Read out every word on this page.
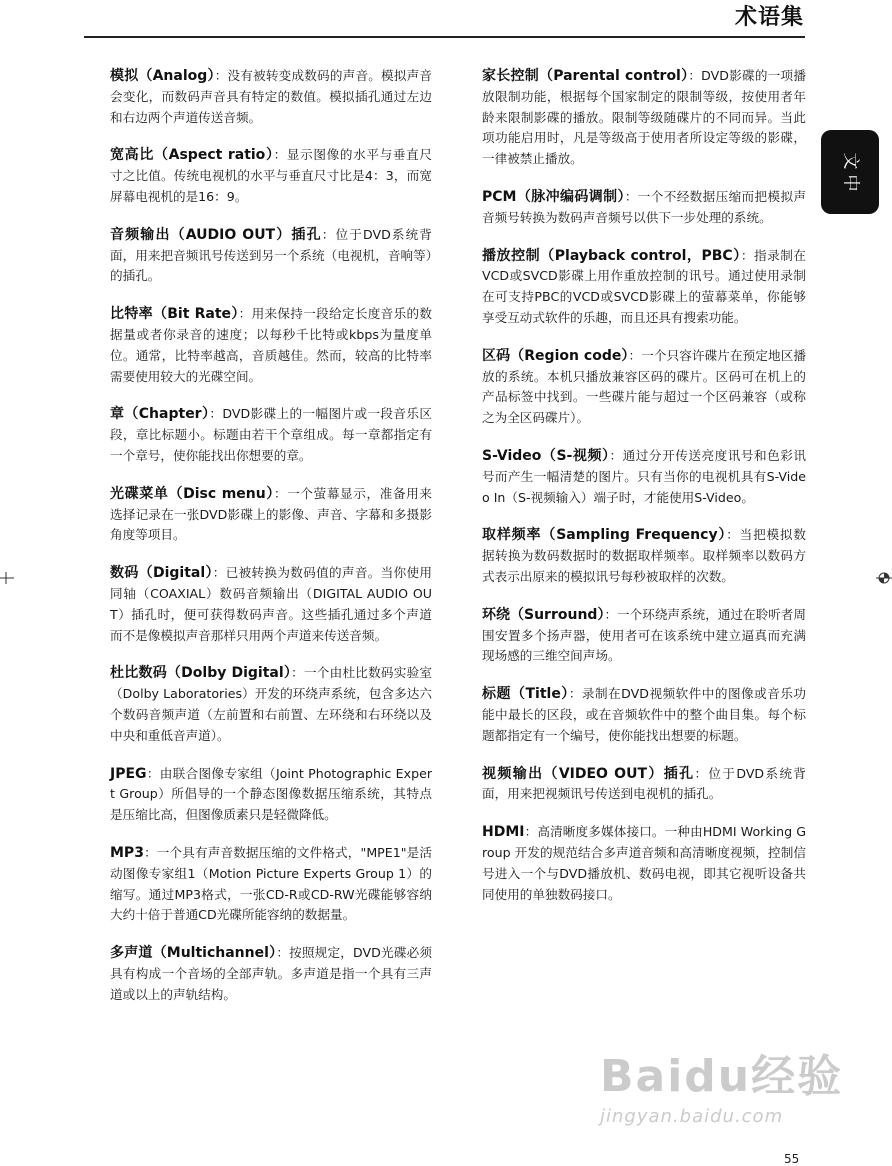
术语集
文
中

模拟（Analog）：没有被转变成数码的声音。模拟声音会变化，而数码声音具有特定的数值。模拟插孔通过左边和右边两个声道传送音频。

宽高比（Aspect ratio）：显示图像的水平与垂直尺寸之比值。传统电视机的水平与垂直尺寸比是4：3，而宽屏幕电视机的是16：9。

音频输出（AUDIO OUT）插孔：位于DVD系统背面，用来把音频讯号传送到另一个系统（电视机，音响等）的插孔。

比特率（Bit Rate）：用来保持一段给定长度音乐的数据量或者你录音的速度；以每秒千比特或kbps为量度单位。通常，比特率越高，音质越佳。然而，较高的比特率需要使用较大的光碟空间。

章（Chapter）：DVD影碟上的一幅图片或一段音乐区段，章比标题小。标题由若干个章组成。每一章都指定有一个章号，使你能找出你想要的章。

光碟菜单（Disc menu）：一个萤幕显示，准备用来选择记录在一张DVD影碟上的影像、声音、字幕和多摄影角度等项目。

数码（Digital）：已被转换为数码值的声音。当你使用同轴（COAXIAL）数码音频输出（DIGITAL AUDIO OUT）插孔时，便可获得数码声音。这些插孔通过多个声道而不是像模拟声音那样只用两个声道来传送音频。

杜比数码（Dolby Digital）：一个由杜比数码实验室（Dolby Laboratories）开发的环绕声系统，包含多达六个数码音频声道（左前置和右前置、左环绕和右环绕以及中央和重低音声道）。

JPEG：由联合图像专家组（Joint Photographic Expert Group）所倡导的一个静态图像数据压缩系统，其特点是压缩比高，但图像质素只是轻微降低。

MP3：一个具有声音数据压缩的文件格式，"MPE1"是活动图像专家组1（Motion Picture Experts Group 1）的缩写。通过MP3格式，一张CD-R或CD-RW光碟能够容纳大约十倍于普通CD光碟所能容纳的数据量。

多声道（Multichannel）：按照规定，DVD光碟必须具有构成一个音场的全部声轨。多声道是指一个具有三声道或以上的声轨结构。

家长控制（Parental control）：DVD影碟的一项播放限制功能，根据每个国家制定的限制等级，按使用者年龄来限制影碟的播放。限制等级随碟片的不同而异。当此项功能启用时，凡是等级高于使用者所设定等级的影碟，一律被禁止播放。

PCM（脉冲编码调制）：一个不经数据压缩而把模拟声音频号转换为数码声音频号以供下一步处理的系统。

播放控制（Playback control，PBC）：指录制在VCD或SVCD影碟上用作重放控制的讯号。通过使用录制在可支持PBC的VCD或SVCD影碟上的萤幕菜单，你能够享受互动式软件的乐趣，而且还具有搜索功能。

区码（Region code）：一个只容许碟片在预定地区播放的系统。本机只播放兼容区码的碟片。区码可在机上的产品标签中找到。一些碟片能与超过一个区码兼容（或称之为全区码碟片）。

S-Video（S-视频）：通过分开传送亮度讯号和色彩讯号而产生一幅清楚的图片。只有当你的电视机具有S-Video In（S-视频输入）端子时，才能使用S-Video。

取样频率（Sampling Frequency）：当把模拟数据转换为数码数据时的数据取样频率。取样频率以数码方式表示出原来的模拟讯号每秒被取样的次数。

环绕（Surround）：一个环绕声系统，通过在聆听者周围安置多个扬声器，使用者可在该系统中建立逼真而充满现场感的三维空间声场。

标题（Title）：录制在DVD视频软件中的图像或音乐功能中最长的区段，或在音频软件中的整个曲目集。每个标题都指定有一个编号，使你能找出想要的标题。

视频输出（VIDEO OUT）插孔：位于DVD系统背面，用来把视频讯号传送到电视机的插孔。

HDMI：高清晰度多媒体接口。一种由HDMI Working Group 开发的规范结合多声道音频和高清晰度视频，控制信号进入一个与DVD播放机、数码电视，即其它视听设备共同使用的单独数码接口。

Baidu经验
jingyan.baidu.com
55
